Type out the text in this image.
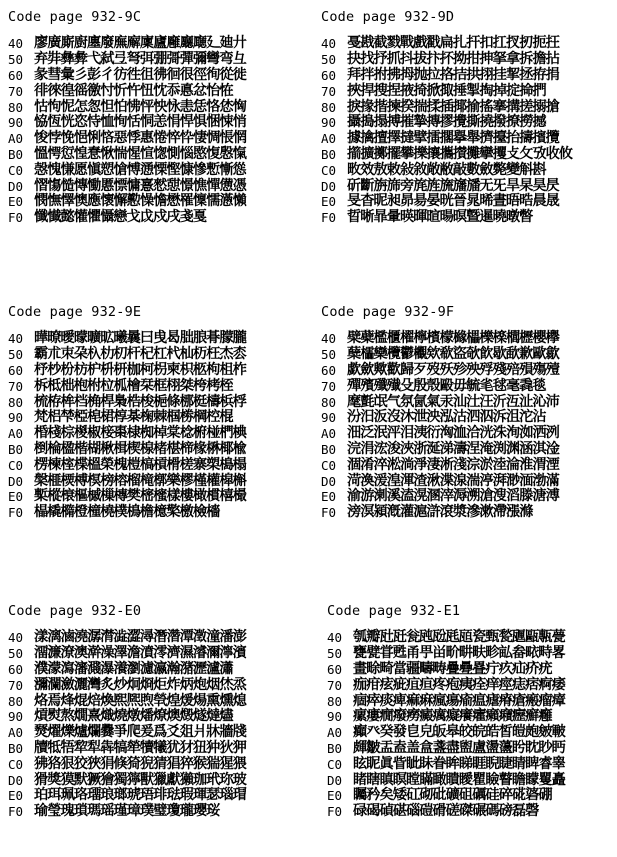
Code page 932-9C
40 廖廣廝廚廛廢廡廨廩廬廱廳廰廴廸廾
50 弃弉彝彜弋弑弖弩弭弸彁彈彌彎弯彑
60 彖彗彙彡彭彳彷徃徂彿徊很徑徇從徙
70 徘徠徨徭徼忖忻忤忸忱忝悳忿怡恠
80 怙怐怩怎怱怛怕怫怦怏怺恚恁恪恷恟
90 恊恆恍恣恃恤恂恬恫恙悁悍惧悃悚悄
A0 悛悖悗悒悧悋惡悸惠惓悴忰悽惆悵惘
B0 慍愕愆惶惷愀惴惺愃愡惻惱愍愎慇愾
C0 愨愧慊愿愼愬愴愽慂慄慳慷慘慙慚慫
D0 慴慯慥慱慟慝慓慵憙憖憇憬憔憚憊憑
E0 憫憮懌懊應懷懈懃懆憺懋罹懍懦懣懶
F0 懺懴懿懽懼懾戀戈戉戍戌戔戛
Code page 932-9D
40 戞戡截戮戰戲戳扁扎扞扣扛扠扨扼抂
50 抉找抒抓抖拔抃抔拗拑抻拏拿拆擔拈
60 拜拌拊拂拇抛拉挌拮拱挧挂挈拯拵捐
70 挾捍搜捏掖掎掀掫捶掣掏掉掟掵捫
80 捩掾揩揀揆揣揉插揶揄搖搴搆搓搦搶
90 攝搗搨搏摧摯摶摎攪撕撓撥撩撈撼
A0 據擒擅擇撻擘擂擱擧舉擠擡抬擣擯攬
B0 擶擴擲擺攀擽攘攜攅攤攣攫攴攵攷收攸
C0 畋效敖敕敍敘敞敝敲數斂斃變斛斟
D0 斫斷旃旆旁旄旌旒旛旙无旡旱杲昊昃
E0 旻杳昵昶昴昜晏晄晉晁晞晝晤晧晨晟
F0 晢晰暃暈暎暉暄暘暝曁暹曉暾暼
Code page 932-9E
40 曄暸曖曚曠昿曦曩曰曵曷朏朖朞朦朧
50 霸朮朿朶杁朸朷杆杞杠杙杣杤枉杰枩
60 杼杪枌枋枦枡枅枷柯枴柬枳柩枸柤柞
70 柝柢柮枹柎柆柧檜栞框栩桀桍栲桎
80 梳栫桙档桷桿梟梏梭梔條梛梃檮梹桴
90 梵梠梺椏梍桾椁棊椈棘椢椦棡椌棍
A0 棔棧棕椶椒椄棗棣椥棹棠棯椨椪椚椣
B0 椡棆楹楷楜楸楫楔楾楮椹楴椽楙椰楡
C0 楞楝榁楪榲榮槐榿槁槓榾槎寨槊槝榻
D0 槃榧樮榑榠榜榕榴槞槨樂樛槿權槹槲
E0 槧樅榱樞槭樔槫樊樒櫁樣樓橄樌橲樶
F0 橸橇橢橙橦橈樸樢檐檍檠檄檢檣
Code page 932-9F
40 檗蘗檻櫃櫂檸檳檬櫞櫑櫟檪櫚櫪櫻欅
50 蘖櫺欒欖鬱欟欸欷盜欹飮歇歃歉歐歙
60 歔歛歟歡歸歹歿殀殄殃殍殘殕殞殤殪
70 殫殯殲殱殳殷殼毆毋毓毟毬毫毳毯
80 麾氈氓气氛氤氣汞汕汢汪沂沍沚沁沛
90 汾汨汳沒沐泄泱泓沽泗泅泝沮沱沾
A0 沺泛泯泙泪洟衍洶洫洽洸洙洵洳洒洌
B0 浣涓浤浚浹浙涎涕濤涅淹渕渊涵淇淦
C0 涸淆淬淞淌淨淒淅淺淙淤淕淪淮渭湮
D0 渮渙湲湟渾渣湫渫湶湍渟湃渺湎渤滿
E0 渝游溂溪溘滉溷滓溽溯滄溲滔滕溏溥
F0 滂溟潁漑灌滬滸滾漿滲漱滯漲滌
Code page 932-E0
40 漾漓滷澆潺潸澁澀潯潛濳潭澂潼潘澎
50 澑濂潦澳澣澡澤澹濆澪濟濕濬濔濘濱
60 濮濛瀉瀋濺瀑瀁瀏濾瀛瀚潴瀝瀘瀟
70 瀰瀾瀲灑灣炙炒炯烱炬炸炳炮烟烋烝
80 烙焉烽焜焙煥煕熈煦煢煌煖煬熏燻熄
90 熕熨熬燗熹熾燒燉燔燎燠燬燧燵燼
A0 燹燿爍爐爛爨爭爬爰爲爻爼爿牀牆牋
B0 牘牴牾犂犁犇犒犖犢犧犹犲狃狆狄狎
C0 狒狢狠狡狹狷倏猗猊猜猖猝猴猯猩猥
D0 猾獎獏默獗獪獨獰獸獵獻獺珈玳珎玻
E0 珀珥珮珞璢琅瑯琥珸琲琺瑕琿瑟瑙瑁
F0 瑜瑩瑰瑣瑪瑶瑾璋璞璧瓊瓏瓔珱
Code page 932-E1
40 瓠瓣瓧瓩瓮瓲瓰瓱瓸瓷甄甃甅甌甎甍
50 甕甓甞甦甬甼畄畍畊畉畛畆畚畩畤畧
60 畫畭畸當疆疇畴疊疉疂疔疚疝疥疣
70 痂疳痃疵疽疸疼疱痍痊痒痙痣痞痾痿
80 痼瘁痰痺痲痳瘋瘍瘉瘟瘧瘠瘡瘢瘤瘴
90 瘰瘻癇癈癆癜癘癡癢癨癩癪癧癬癰
A0 癲癶癸發皀皃皈皋皎皖皓皙皚皰皴皸
B0 皹皺盂盍盖盒盞盡盥盧盪蘯盻眈眇眄
C0 眩眤眞眥眦眛眷眸睇睚睨睫睛睥睿睾
D0 睹瞎瞋瞑瞠瞞瞰瞶瞹瞿瞼瞽瞻矇矍矗
E0 矚矜矣矮矼砌砒礦砠礪硅碎硴碆硼
F0 碌碣碵碪碯磑磆磋磔碾碼磅磊磬
